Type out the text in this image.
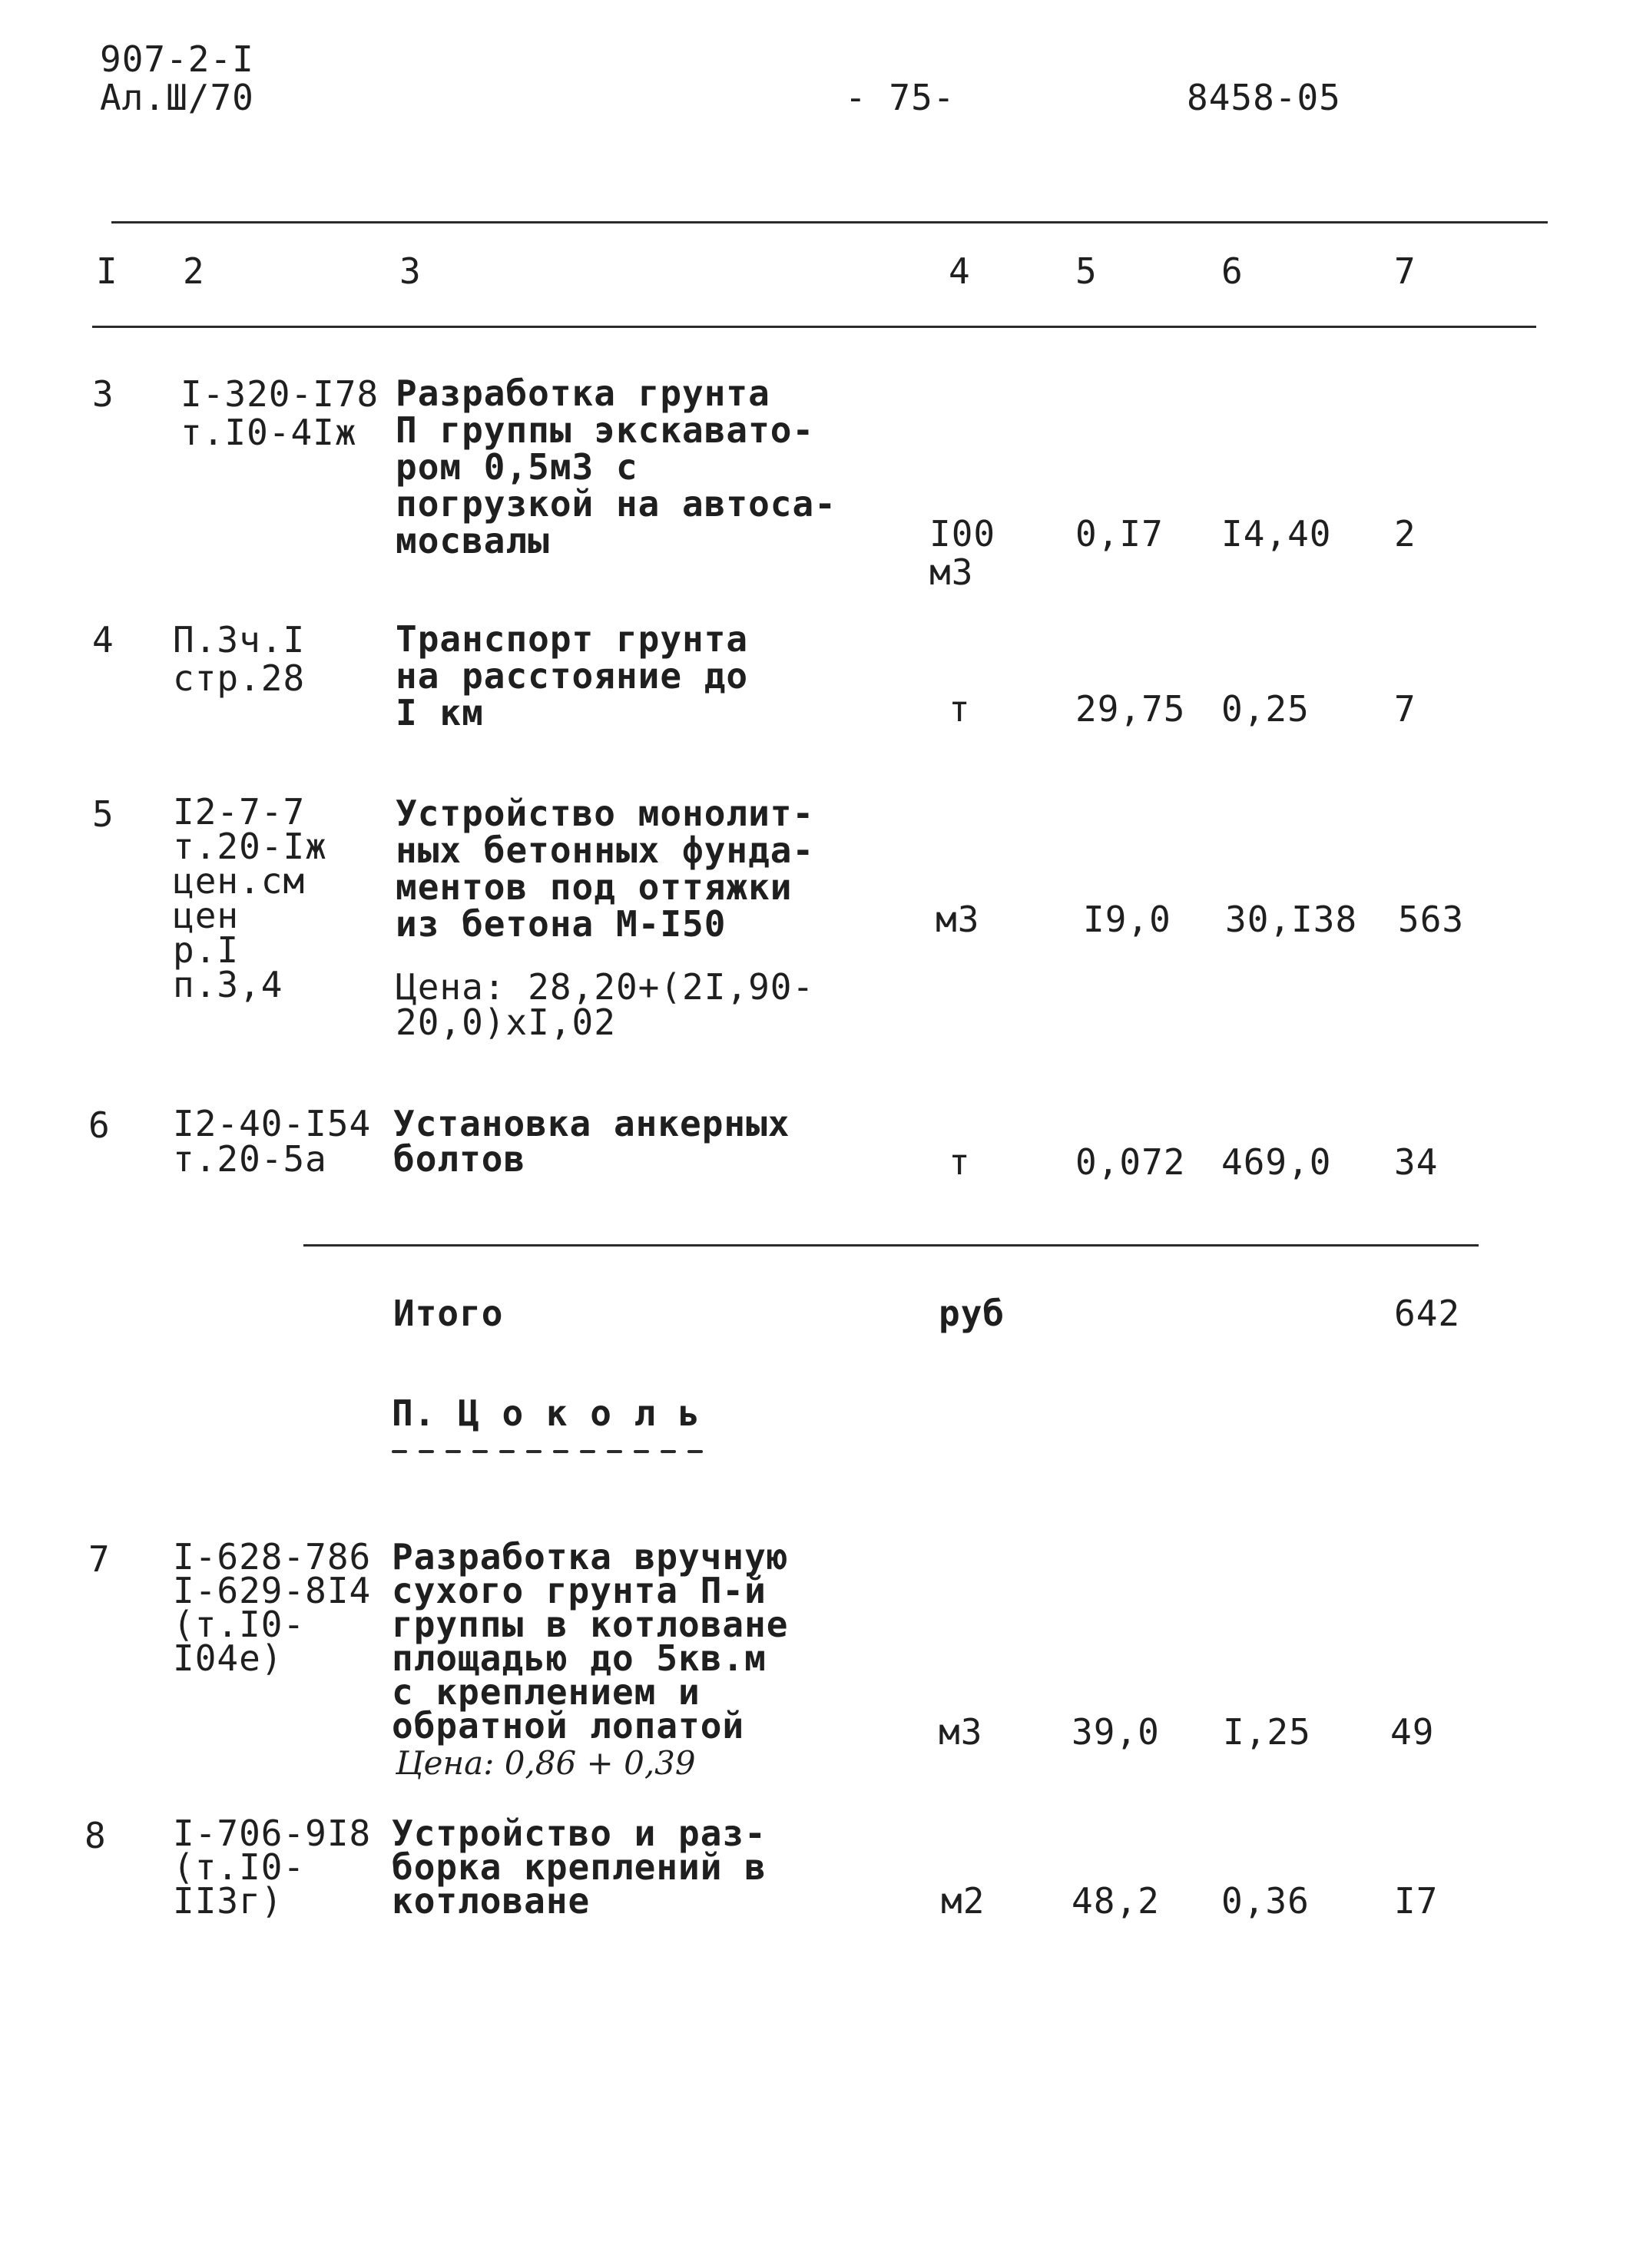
907-2-I
Ал.Ш/70	- 75-	8458-05
I 2	3	4	5	6	7
3 I-320-I78
т.I0-4Iж
Разработка грунта
П группы экскавато-
ром 0,5м3 с
погрузкой на автоса-
мосвалы	I00
м3
0,I7 I4,40 2
4 П.3ч.I
стр.28
Транспорт грунта
на расстояние до
I км	т	29,75 0,25 7
5 I2-7-7
т.20-Iж
цен.см
цен
р.I
п.3,4
Устройство монолит-
ных бетонных фунда-
ментов под оттяжки
из бетона М-I50
Цена: 28,20+(2I,90-
20,0)хI,02
м3	I9,0 30,I38 563
6 I2-40-I54
т.20-5а
Установка анкерных
болтов	т	0,072 469,0 34
Итого	руб	642
П. Ц о к о л ь
7 I-628-786
I-629-8I4
(т.I0-
I04е)
Разработка вручную
сухого грунта П-й
группы в котловане
площадью до 5кв.м
с креплением и
обратной лопатой
Цена: 0,86 + 0,39
м3	39,0 I,25 49
8 I-706-9I8
(т.I0-
II3г)
Устройство и раз-
борка креплений в
котловане	м2 48,2 0,36 I7
